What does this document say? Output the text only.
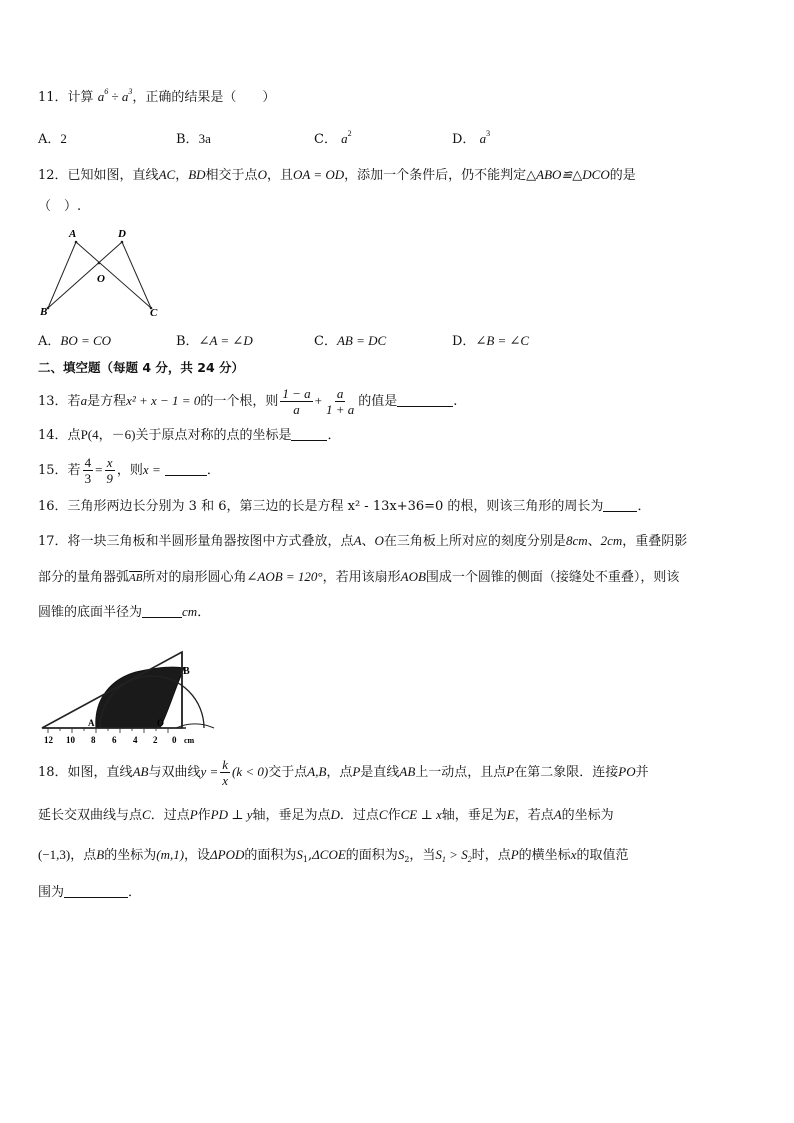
11．计算 $a^6 \div a^3$，正确的结果是（　　）
A．2	B．3a	C． $a^2$	D． $a^3$
12．已知如图，直线AC，BD相交于点O，且OA = OD，添加一个条件后，仍不能判定△ABO≌△DCO的是
（　）.
A	D
O
B	C
A．BO = CO	B．∠A = ∠D	C．AB = DC	D．∠B = ∠C
二、填空题（每题 4 分，共 24 分）
13．若a是方程x² + x − 1 = 0的一个根，则 $\frac{1 - a}{a} + \frac{a}{1 + a}$ 的值是	.
14．点P(4，－6)关于原点对称的点的坐标是	．
15．若 $\frac{4}{3} = \frac{x}{9}$ ，则x =	．
16．三角形两边长分别为 3 和 6，第三边的长是方程 x² - 13x+36=0 的根，则该三角形的周长为	．
17．将一块三角板和半圆形量角器按图中方式叠放，点A、O在三角板上所对应的刻度分别是8cm、2cm，重叠阴影
部分的量角器弧$\overline{AB}$所对的扇形圆心角∠AOB = 120°，若用该扇形AOB围成一个圆锥的侧面（接缝处不重叠），则该
圆锥的底面半径为	cm．
B
A	O
12 10 8 6 4 2 0 cm
18．如图，直线AB与双曲线$y = \frac{k}{x} (k < 0)$交于点A,B，点P是直线AB上一动点，且点P在第二象限．连接PO并
延长交双曲线与点C．过点P作PD ⊥ y轴，垂足为点D．过点C作CE ⊥ x轴，垂足为E，若点A的坐标为
(−1,3)，点B的坐标为(m,1)，设ΔPOD的面积为$S_1,\Delta COE$的面积为$S_2$，当$S_1 > S_2$时，点P的横坐标x的取值范
围为	．
